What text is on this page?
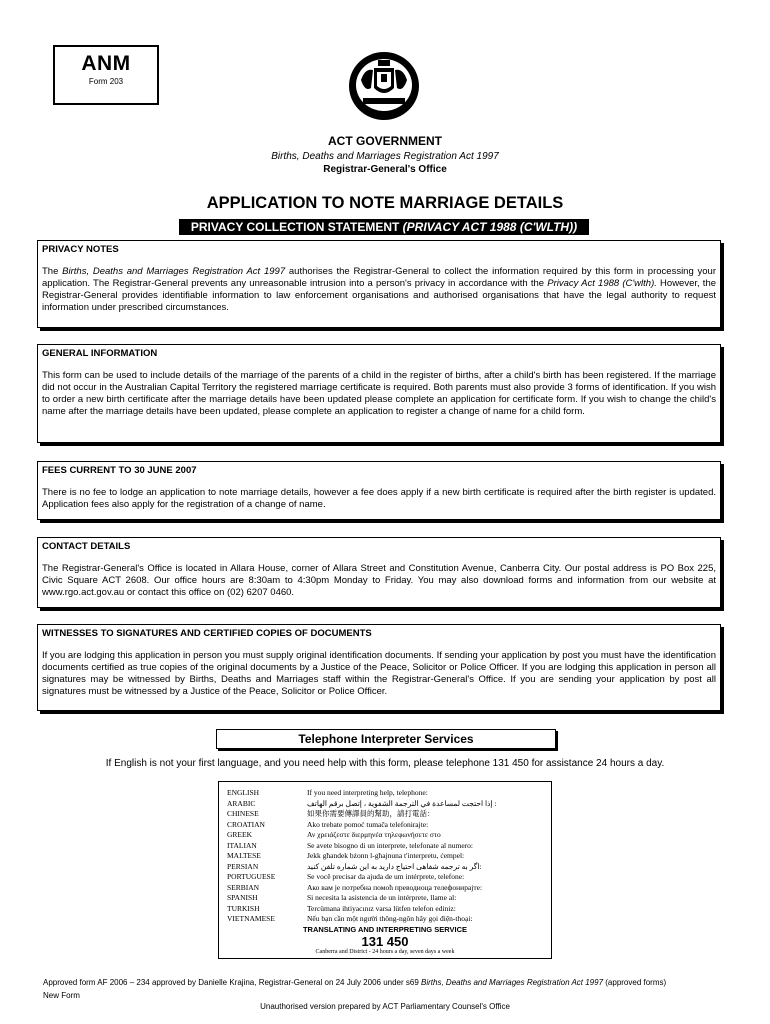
ANM
Form 203
ACT GOVERNMENT
Births, Deaths and Marriages Registration Act 1997
Registrar-General's Office
APPLICATION TO NOTE MARRIAGE DETAILS
PRIVACY COLLECTION STATEMENT (PRIVACY ACT 1988 (C'WLTH))
PRIVACY NOTES

The Births, Deaths and Marriages Registration Act 1997 authorises the Registrar-General to collect the information required by this form in processing your application. The Registrar-General prevents any unreasonable intrusion into a person's privacy in accordance with the Privacy Act 1988 (C'wlth). However, the Registrar-General provides identifiable information to law enforcement organisations and authorised organisations that have the legal authority to request information under prescribed circumstances.

GENERAL INFORMATION

This form can be used to include details of the marriage of the parents of a child in the register of births, after a child's birth has been registered. If the marriage did not occur in the Australian Capital Territory the registered marriage certificate is required. Both parents must also provide 3 forms of identification. If you wish to order a new birth certificate after the marriage details have been updated please complete an application for certificate form. If you wish to change the child's name after the marriage details have been updated, please complete an application to register a change of name for a child form.

FEES CURRENT TO 30 JUNE 2007

There is no fee to lodge an application to note marriage details, however a fee does apply if a new birth certificate is required after the birth register is updated. Application fees also apply for the registration of a change of name.

CONTACT DETAILS

The Registrar-General's Office is located in Allara House, corner of Allara Street and Constitution Avenue, Canberra City. Our postal address is PO Box 225, Civic Square ACT 2608. Our office hours are 8:30am to 4:30pm Monday to Friday. You may also download forms and information from our website at www.rgo.act.gov.au or contact this office on (02) 6207 0460.

WITNESSES TO SIGNATURES AND CERTIFIED COPIES OF DOCUMENTS

If you are lodging this application in person you must supply original identification documents. If sending your application by post you must have the identification documents certified as true copies of the original documents by a Justice of the Peace, Solicitor or Police Officer. If you are lodging this application in person all signatures may be witnessed by Births, Deaths and Marriages staff within the Registrar-General's Office. If you are sending your application by post all signatures must be witnessed by a Justice of the Peace, Solicitor or Police Officer.

Telephone Interpreter Services
If English is not your first language, and you need help with this form, please telephone 131 450 for assistance 24 hours a day.
ENGLISH	If you need interpreting help, telephone:
ARABIC	إذا احتجت لمساعدة في الترجمة الشفوية ، إتصل برقم الهاتف :
CHINESE	如果你需要傳譯員的幫助，請打電話：
CROATIAN	Ako trebate pomoć tumača telefonirajte:
GREEK	Αν χρειάζεστε διερμηνέα τηλεφωνήσετε στο
ITALIAN	Se avete bisogno di un interprete, telefonate al numero:
MALTESE	Jekk għandek bżonn l-għajnuna t'interpretu, ċempel:
PERSIAN	اگر به ترجمه شفاهی احتیاج دارید به این شماره تلفن کنید:
PORTUGUESE	Se você precisar da ajuda de um intérprete, telefone:
SERBIAN	Ако вам је потребна помоћ преводиоца телефонирајте:
SPANISH	Si necesita la asistencia de un intérprete, llame al:
TURKISH	Tercümana ihtiyacınız varsa lütfen telefon ediniz:
VIETNAMESE	Nếu bạn cần một người thông-ngôn hãy gọi điện-thoại:
TRANSLATING AND INTERPRETING SERVICE
131 450
Canberra and District - 24 hours a day, seven days a week
Approved form AF 2006 – 234 approved by Danielle Krajina, Registrar-General on 24 July 2006 under s69 Births, Deaths and Marriages Registration Act 1997 (approved forms)
New Form
Unauthorised version prepared by ACT Parliamentary Counsel's Office
